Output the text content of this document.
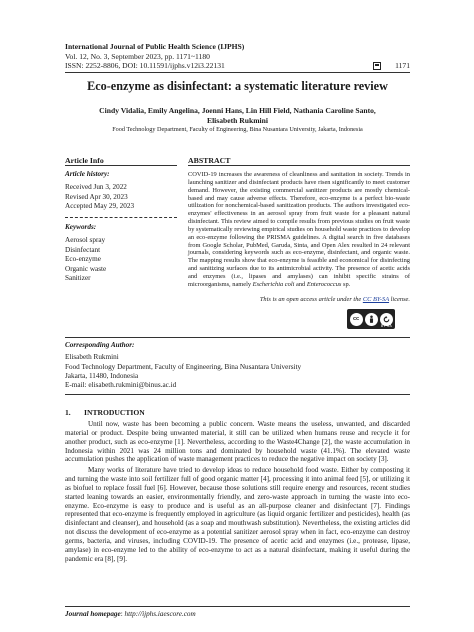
International Journal of Public Health Science (IJPHS)
Vol. 12, No. 3, September 2023, pp. 1171~1180
ISSN: 2252-8806, DOI: 10.11591/ijphs.v12i3.22131	1171
Eco-enzyme as disinfectant: a systematic literature review
Cindy Vidalia, Emily Angelina, Joenni Hans, Lin Hill Field, Nathania Caroline Santo,
Elisabeth Rukmini
Food Technology Department, Faculty of Engineering, Bina Nusantara University, Jakarta, Indonesia
Article Info	ABSTRACT
Article history:
Received Jun 3, 2022
Revised Apr 30, 2023
Accepted May 29, 2023
Keywords:
Aerosol spray
Disinfectant
Eco-enzyme
Organic waste
Sanitizer
COVID-19 increases the awareness of cleanliness and sanitation in society. Trends in launching sanitizer and disinfectant products have risen significantly to meet customer demand. However, the existing commercial sanitizer products are mostly chemical-based and may cause adverse effects. Therefore, eco-enzyme is a perfect bio-waste utilization for nonchemical-based sanitization products. The authors investigated eco-enzymes' effectiveness in an aerosol spray from fruit waste for a pleasant natural disinfectant. This review aimed to compile results from previous studies on fruit waste by systematically reviewing empirical studies on household waste practices to develop an eco-enzyme following the PRISMA guidelines. A digital search in five databases from Google Scholar, PubMed, Garuda, Sinta, and Open Alex resulted in 24 relevant journals, considering keywords such as eco-enzyme, disinfectant, and organic waste. The mapping results show that eco-enzyme is feasible and economical for disinfecting and sanitizing surfaces due to its antimicrobial activity. The presence of acetic acids and enzymes (i.e., lipases and amylases) can inhibit specific strains of microorganisms, namely Escherichia coli and Enterococcus sp.
This is an open access article under the CC BY-SA license.
cc
BY SA
Corresponding Author:
Elisabeth Rukmini
Food Technology Department, Faculty of Engineering, Bina Nusantara University
Jakarta, 11480, Indonesia
E-mail: elisabeth.rukmini@binus.ac.id
1. INTRODUCTION

Until now, waste has been becoming a public concern. Waste means the useless, unwanted, and discarded material or product. Despite being unwanted material, it still can be utilized when humans reuse and recycle it for another product, such as eco-enzyme [1]. Nevertheless, according to the Waste4Change [2], the waste accumulation in Indonesia within 2021 was 24 million tons and dominated by household waste (41.1%). The elevated waste accumulation pushes the application of waste management practices to reduce the negative impact on society [3].

Many works of literature have tried to develop ideas to reduce household food waste. Either by composting it and turning the waste into soil fertilizer full of good organic matter [4], processing it into animal feed [5], or utilizing it as biofuel to replace fossil fuel [6]. However, because those solutions still require energy and resources, recent studies started leaning towards an easier, environmentally friendly, and zero-waste approach in turning the waste into eco-enzyme. Eco-enzyme is easy to produce and is useful as an all-purpose cleaner and disinfectant [7]. Findings represented that eco-enzyme is frequently employed in agriculture (as liquid organic fertilizer and pesticides), health (as disinfectant and cleanser), and household (as a soap and mouthwash substitution). Nevertheless, the existing articles did not discuss the development of eco-enzyme as a potential sanitizer aerosol spray when in fact, eco-enzyme can destroy germs, bacteria, and viruses, including COVID-19. The presence of acetic acid and enzymes (i.e., protease, lipase, amylase) in eco-enzyme led to the ability of eco-enzyme to act as a natural disinfectant, making it useful during the pandemic era [8], [9].

Journal homepage: http://ijphs.iaescore.com
